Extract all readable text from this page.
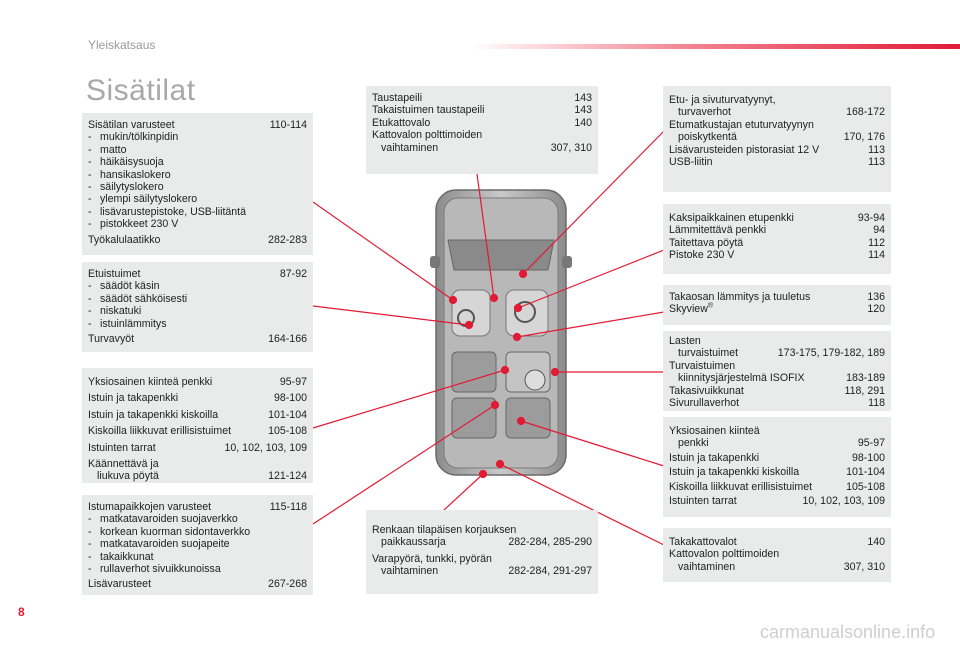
Yleiskatsaus
Sisätilat
Sisätilan varusteet	110-114
- mukin/tölkinpidin
- matto
- häikäisysuoja
- hansikaslokero
- säilytyslokero
- ylempi säilytyslokero
- lisävarustepistoke, USB-liitäntä
- pistokkeet 230 V
Työkalulaatikko	282-283
Etuistuimet	87-92
- säädöt käsin
- säädöt sähköisesti
- niskatuki
- istuinlämmitys
Turvavyöt	164-166
Yksiosainen kiinteä penkki	95-97
Istuin ja takapenkki	98-100
Istuin ja takapenkki kiskoilla	101-104
Kiskoilla liikkuvat erillisistuimet	105-108
Istuinten tarrat	10, 102, 103, 109
Käännettävä ja
liukuva pöytä	121-124
Istumapaikkojen varusteet	115-118
- matkatavaroiden suojaverkko
- korkean kuorman sidontaverkko
- matkatavaroiden suojapeite
- takaikkunat
- rullaverhot sivuikkunoissa
Lisävarusteet	267-268
Taustapeili	143
Takaistuimen taustapeili	143
Etukattovalo	140
Kattovalon polttimoiden
vaihtaminen	307, 310
Renkaan tilapäisen korjauksen
paikkaussarja	282-284, 285-290
Varapyörä, tunkki, pyörän
vaihtaminen	282-284, 291-297
Etu- ja sivuturvatyynyt,
turvaverhot	168-172
Etumatkustajan etuturvatyynyn
poiskytkentä	170, 176
Lisävarusteiden pistorasiat 12 V	113
USB-liitin	113
Kaksipaikkainen etupenkki	93-94
Lämmitettävä penkki	94
Taitettava pöytä	112
Pistoke 230 V	114
Takaosan lämmitys ja tuuletus	136
Skyview®	120
Lasten
turvaistuimet	173-175, 179-182, 189
Turvaistuimen
kiinnitysjärjestelmä ISOFIX	183-189
Takasivuikkunat	118, 291
Sivurullaverhot	118
Yksiosainen kiinteä
penkki	95-97
Istuin ja takapenkki	98-100
Istuin ja takapenkki kiskoilla	101-104
Kiskoilla liikkuvat erillisistuimet	105-108
Istuinten tarrat	10, 102, 103, 109
Takakattovalot	140
Kattovalon polttimoiden
vaihtaminen	307, 310
8
carmanualsonline.info
